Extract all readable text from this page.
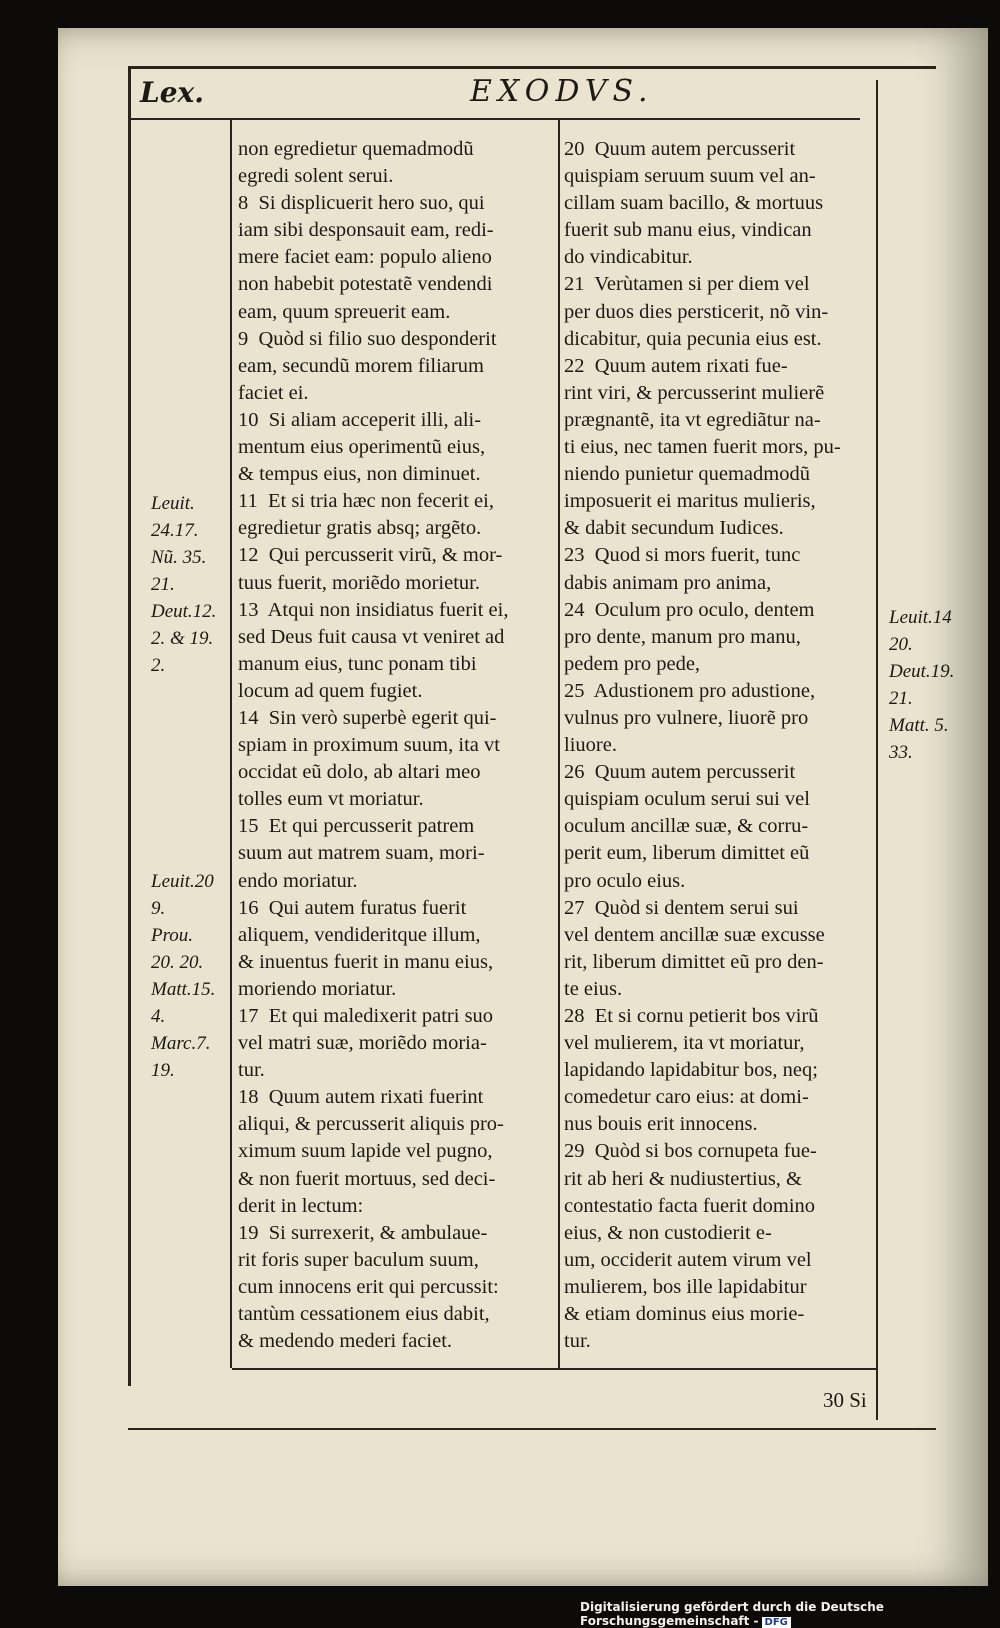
Lex.	EXODVS.

non egredietur quemadmodũ

egredi solent serui.

8  Si displicuerit hero suo, qui

iam sibi desponsauit eam, redi-

mere faciet eam: populo alieno

non habebit potestatẽ vendendi

eam, quum spreuerit eam.

9  Quòd si filio suo desponderit

eam, secundũ morem filiarum

faciet ei.

10  Si aliam acceperit illi, ali-

mentum eius operimentũ eius,

& tempus eius, non diminuet.

11  Et si tria hæc non fecerit ei,

egredietur gratis absq; argẽto.

12  Qui percusserit virũ, & mor-

tuus fuerit, moriẽdo morietur.

13  Atqui non insidiatus fuerit ei,

sed Deus fuit causa vt veniret ad

manum eius, tunc ponam tibi

locum ad quem fugiet.

14  Sin verò superbè egerit qui-

spiam in proximum suum, ita vt

occidat eũ dolo, ab altari meo

tolles eum vt moriatur.

15  Et qui percusserit patrem

suum aut matrem suam, mori-

endo moriatur.

16  Qui autem furatus fuerit

aliquem, vendideritque illum,

& inuentus fuerit in manu eius,

moriendo moriatur.

17  Et qui maledixerit patri suo

vel matri suæ, moriẽdo moria-

tur.

18  Quum autem rixati fuerint

aliqui, & percusserit aliquis pro-

ximum suum lapide vel pugno,

& non fuerit mortuus, sed deci-

derit in lectum:

19  Si surrexerit, & ambulaue-

rit foris super baculum suum,

cum innocens erit qui percussit:

tantùm cessationem eius dabit,

& medendo mederi faciet.

20  Quum autem percusserit

quispiam seruum suum vel an-

cillam suam bacillo, & mortuus

fuerit sub manu eius, vindican

do vindicabitur.

21  Verùtamen si per diem vel

per duos dies persticerit, nõ vin-

dicabitur, quia pecunia eius est.

22  Quum autem rixati fue-

rint viri, & percusserint mulierẽ

prægnantẽ, ita vt egrediãtur na-

ti eius, nec tamen fuerit mors, pu-

niendo punietur quemadmodũ

imposuerit ei maritus mulieris,

& dabit secundum Iudices.

23  Quod si mors fuerit, tunc

dabis animam pro anima,

24  Oculum pro oculo, dentem

pro dente, manum pro manu,

pedem pro pede,

25  Adustionem pro adustione,

vulnus pro vulnere, liuorẽ pro

liuore.

26  Quum autem percusserit

quispiam oculum serui sui vel

oculum ancillæ suæ, & corru-

perit eum, liberum dimittet eũ

pro oculo eius.

27  Quòd si dentem serui sui

vel dentem ancillæ suæ excusse

rit, liberum dimittet eũ pro den-

te eius.

28  Et si cornu petierit bos virũ

vel mulierem, ita vt moriatur,

lapidando lapidabitur bos, neq;

comedetur caro eius: at domi-

nus bouis erit innocens.

29  Quòd si bos cornupeta fue-

rit ab heri & nudiustertius, &

contestatio facta fuerit domino

eius, & non custodierit e-

um, occiderit autem virum vel

mulierem, bos ille lapidabitur

& etiam dominus eius morie-

tur.

Leuit.
24.17.
Nũ. 35.
21.
Deut.12.
2. & 19.
2.
Leuit.20
9.
Prou.
20. 20.
Matt.15.
4.
Marc.7.
19.
Leuit.14
20.
Deut.19.
21.
Matt. 5.
33.
30 Si
Digitalisierung gefördert durch die Deutsche Forschungsgemeinschaft - DFG
